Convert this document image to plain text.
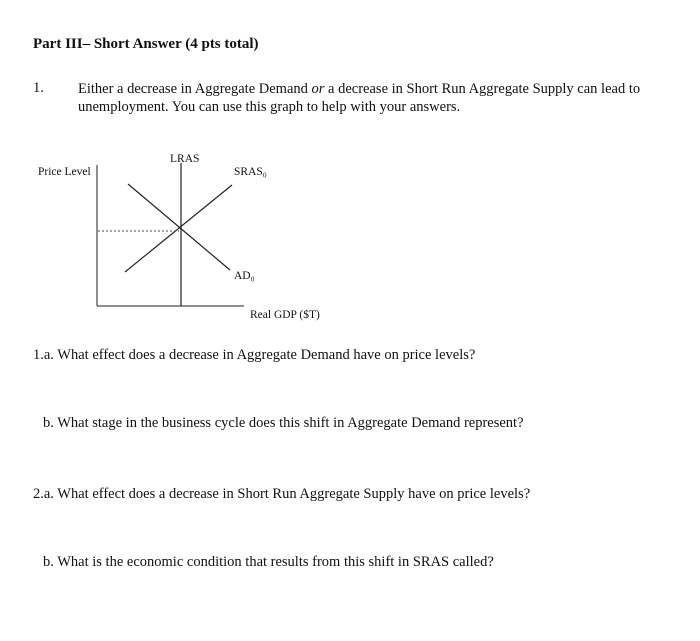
Part III– Short Answer (4 pts total)
1. Either a decrease in Aggregate Demand or a decrease in Short Run Aggregate Supply can lead to
unemployment. You can use this graph to help with your answers.
Price Level
LRAS
SRAS₀
AD₀
Real GDP ($T)
1.a. What effect does a decrease in Aggregate Demand have on price levels?
b. What stage in the business cycle does this shift in Aggregate Demand represent?
2.a. What effect does a decrease in Short Run Aggregate Supply have on price levels?
b. What is the economic condition that results from this shift in SRAS called?
